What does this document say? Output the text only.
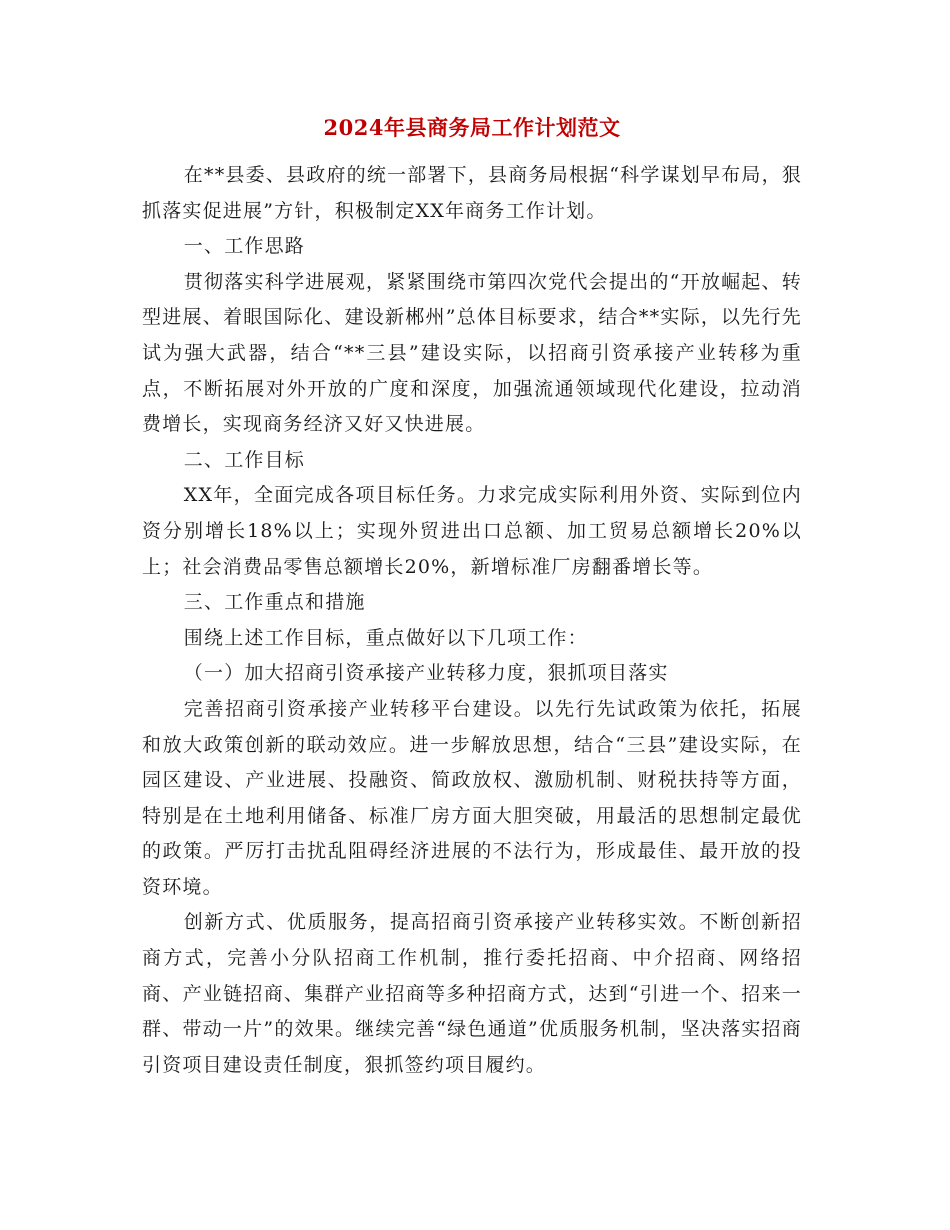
2024年县商务局工作计划范文

在**县委、县政府的统一部署下，县商务局根据“科学谋划早布局，狠抓落实促进展”方针，积极制定XX年商务工作计划。

一、工作思路

贯彻落实科学进展观，紧紧围绕市第四次党代会提出的“开放崛起、转型进展、着眼国际化、建设新郴州”总体目标要求，结合**实际，以先行先试为强大武器，结合“**三县”建设实际，以招商引资承接产业转移为重点，不断拓展对外开放的广度和深度，加强流通领域现代化建设，拉动消费增长，实现商务经济又好又快进展。

二、工作目标

XX年，全面完成各项目标任务。力求完成实际利用外资、实际到位内资分别增长18%以上；实现外贸进出口总额、加工贸易总额增长20%以上；社会消费品零售总额增长20%，新增标准厂房翻番增长等。

三、工作重点和措施

围绕上述工作目标，重点做好以下几项工作：

（一）加大招商引资承接产业转移力度，狠抓项目落实

完善招商引资承接产业转移平台建设。以先行先试政策为依托，拓展和放大政策创新的联动效应。进一步解放思想，结合“三县”建设实际，在园区建设、产业进展、投融资、简政放权、激励机制、财税扶持等方面，特别是在土地利用储备、标准厂房方面大胆突破，用最活的思想制定最优的政策。严厉打击扰乱阻碍经济进展的不法行为，形成最佳、最开放的投资环境。

创新方式、优质服务，提高招商引资承接产业转移实效。不断创新招商方式，完善小分队招商工作机制，推行委托招商、中介招商、网络招商、产业链招商、集群产业招商等多种招商方式，达到“引进一个、招来一群、带动一片”的效果。继续完善“绿色通道”优质服务机制，坚决落实招商引资项目建设责任制度，狠抓签约项目履约。
